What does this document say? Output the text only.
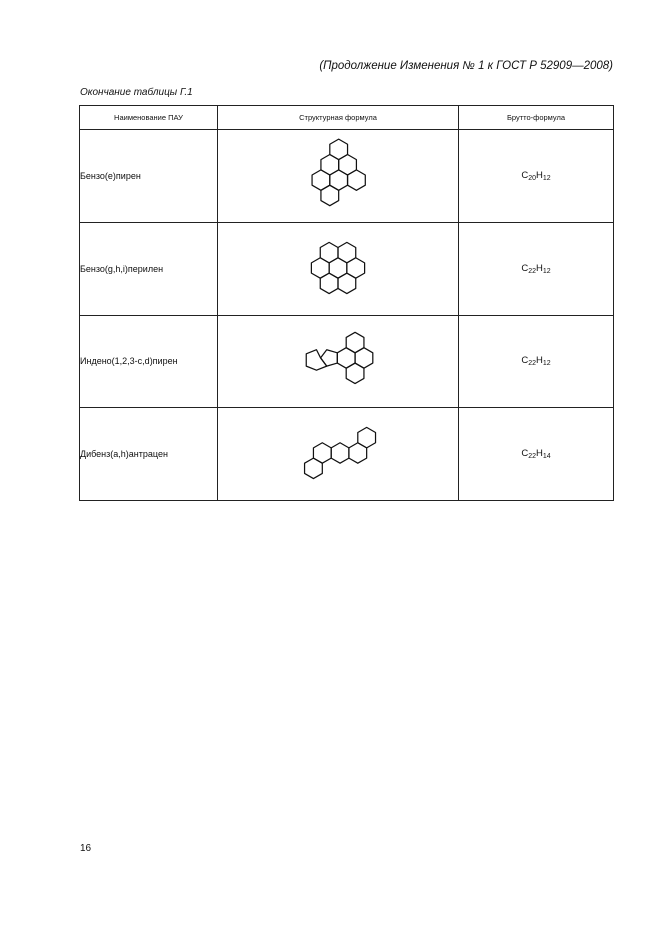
(Продолжение Изменения № 1 к ГОСТ Р 52909—2008)
Окончание таблицы Г.1
Наименование ПАУ	Структурная формула	Брутто-формула
Бензо(е)пирен		$C_{20}H_{12}$
Бензо(g,h,i)перилен		$C_{22}H_{12}$
Индено(1,2,3-c,d)пирен		$C_{22}H_{12}$
Дибенз(a,h)антрацен		$C_{22}H_{14}$
16
